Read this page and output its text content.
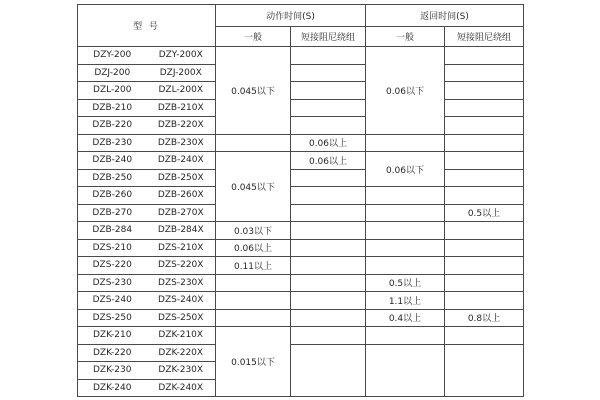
型 号	动作时间(S)		返回时间(S)	
	一般	短接阻尼绕组	一般	短接阻尼绕组

DZY-200 DZY-200X	0.045以下		0.06以下	

DZJ-200 DZJ-200X				

DZL-200 DZL-200X				

DZB-210 DZB-210X				

DZB-220 DZB-220X				

DZB-230 DZB-230X		0.06以上		

DZB-240 DZB-240X	0.045以下	0.06以上	0.06以下	

DZB-250 DZB-250X				

DZB-260 DZB-260X				

DZB-270 DZB-270X				0.5以上

DZB-284 DZB-284X	0.03以下			

DZS-210 DZS-210X	0.06以上			

DZS-220 DZS-220X	0.11以上			

DZS-230 DZS-230X			0.5以上	

DZS-240 DZS-240X			1.1以上	

DZS-250 DZS-250X			0.4以上	0.8以上

DZK-210 DZK-210X	0.015以下			

DZK-220 DZK-220X				

DZK-230 DZK-230X				

DZK-240 DZK-240X				
